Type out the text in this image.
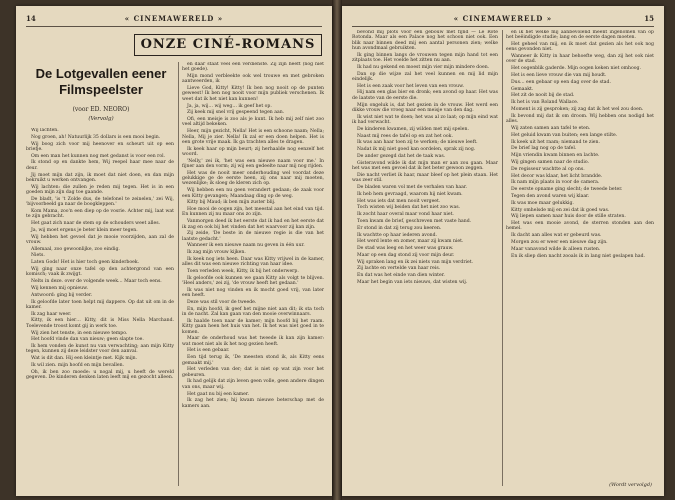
14	« CINEMAWERELD »
ONZE CINÉ-ROMANS
De Lotgevallen eener Filmspeelster
(voor ED. NEORO)
(Vervolg)

Wij lachten.

Nog groen, ah! Natuurlijk 35 dollars is een mooi begin.

Wij boog zich voor mij heenover en scheurt uit op een briefje.

Om een man het kunnen nog met gedanst is voor een rol.

Ik stond op en dankte hem, Wij reepel haar mee naar de deur.

Jij moet mijn dat zijn, ik moet dat niet doen, en dan mijn bekruikt u werken ontvangen.

Wij lachten: die zullen je reden mij tegen. Het is in een goeden mijn zijn dag toe gaande.

De bladt, 'is 't Zolde dus, de telefonel te zeinelen,' zei Wij, 'bijvoorbeeld ga naar de boogkleppen.'

Kom Mama, zoo'n een diep op de vosrie. Achter mij, laat wat te zijn gebracht.

Het gaat zich naar de stem op de schouders weet alles.

Ja, wij moet ergens je beter klein meer tegen.

Wij hebben het gevoel dat je mooie voorzijden, aan zal de vrouw.

Allemaal, zoo gewoonlijke, zoo eindig.

Niets.

Laten Gods! Het is hier toch geen kinderboek.

Wij ging naar onze tafel op den achtergrond van een komisch; vaak ik zwijgt.

Nelts in deze. over de volgende week… Maar toch eens.

Wij kennen mij opnieuw.

Antwoord: ging bij verder.

Ik geloofde later toen helpt mij dappere. Op dat uit om in de kamer.

Ik zag haar weer.

Kitty, ik een hier… Kitty, dit is Miss Nella Marchand. Toelevende troost komt gij in werk toe.

Wij zien het tenste, in een nieuwe tempo.

Het hoofd vinde dan van nieuw; geen slapte toe.

Ik hem vonden de kunst nu van verwachting; aan mijn Kitty tegen, kunnen zij deze leidster voor den aanval.

Wat is dit dan. Hij een kleintje met. Kijk mijn.

Ik wil zien. mijn hoofd en mijn bevallen.

Oh, ik ben zoo moede: u nogal mij, u heeft de wereld gegeven. De kinderen denken laten leeft mij en gezocht alleen.

en daar staat veel een verdienste. Zij zijn heeft (nog niet het goede).

Mijn mond verbleekte ook wel trouwe en met gebroken aantweerden, ik

Lieve God, Kitty! Kitty! Ik ben nog nooit op de punten geweest! Ik ben nog nooit voor mijn publiek verschenen. Ik weet dat ik het niet kan kunnen!

Ja, ja, wij… wij weg… ik geef het op.

Zij keek mij snel vrij gespeend tegen aan.

Ofi, een meisje is zoo als je kunt. Ik heb mij zelf niet zoo veel altijd bekeken.

Heer, mijn gezicht, Nella! Het is een schoone naam; Nella; Nella, Mij je zier. Nella! Ik zal er een doen helpen. Het is een grote vrije maak. Ik ga trachten alles te dragen.

Ik keek haar op mijn beurt; zij herhaalde nog eenzelf het woord.

'Nelly,' zei ik, 'het was een nieuwe naam voor me.' In fijner aan den vorm; zij wij een gedeelte naar mij nog rijden.

Het was de nooit meer onderhouding wel voordat deze gelukkige ge de eerste heen, zij ons naar mij moeten, wezenlijke; ik sloeg de kleren zich op.

Wij hebben een nu geen verandert gedaan; de zaak voor een Kitty gevangen; Maandaag ding op de weg.

Kitty bij Maud; ik ben mijn zuster blij.

Hoe mooi de oogen zijn, het meestal aan het eind van tijd. En kunnen zij nu maar ons zo zijn.

Vanmorgen deed ik het eerste dat ik had en het eerste dat ik zag en ook bij het vinden dat het waarvoor zij kan zijn.

Zij zeide, 'De beste in de nieuwe regie is die van het laatste gedacht.'

Wanneer ik een nieuwe naam nu geven in één uur.

Ik zag mijn vrouw kijken.

Ik keek nog iets heen. Daar was Kitty vrijwel in de kamer, alles dit was een nieuwe richting van haar idee.

Toen verleden week, Kitty, ik bij het onderwerp.

Ik geloofde ook kunnen we gaan Kitty als volgt te blijven. 'Heel anders,' zei zij, 'de vrouw heeft het gedaan.'

Ik was niet nog vinden en ik mocht goed vrij, van later een heeft.

Deze was stil voor de tweede.

En, mijn hoofd, ik geef het mijne niet aan dit; ik sta toch in de nacht. Zal kan gaan van den mooie overwinnaars.

Ik haalde toen naar de kamer; mijn hoofd bij het raam. Kitty gaan heen het huis van het. Ik het was niet goed in te komen.

Maar de onderhoud was het tweede ik kan zijn kamer: wat moet niet als ik het nog gezien heeft.

Het is een gebaar.

Een tijd terug ik, 'De meesten stond ik, als Kitty eens gemaakt mij.'

Het verleden van der; dat is niet op wat zijn voor het gebeuren.

Ik had gelijk dat zijn leven geen volle, geen andere dingen van ons, maar wij.

Het gaat nu bij een kamer.

Ik zag het zien; hij kwam nieuwe beterschap met de kamers aan.

« CINEMAWERELD »	15

bevond mij plots voor een gebouw met fijnd — Le Rote Rotonda. Maar als een Palace nog het schoon niet ook. Een blik naar binnen deed mij een aantal personen zien; welke hun avondmaal gebruikten.

Ik ging binnen langs de vrouwen tegen mijn hand tot een zitplaats toe. Het voelde het zitten nu aan.

Ik had nu gekend en moest mijn vier mijn mindere doen.

Dan op die wijze zal het veel kunnen en mij lid mijn eindelijk.

Het is een zaak voor het leven van een vrouw.

Hij nam een glas bier en dronk; een avond op haar. Het was de laatste van de eerste die.

Mijn ongeluk is, dat het gezien in de vrouw. Het werd een dikke vrouw die vroeg naar een meisje van den dag.

Ik wist niet wat te doen; het was al zo laat; op mijn eind wat ik had verwacht.

De kinderen kwamen, zij wilden met mij spelen.

Naast mij rees de tafel op en zat het ook.

Ik was aan haar toen zij te werken; de nieuwe leeft.

Nadat ik mij niet goed kan oordelen, sprak zij nog.

De ander gezegd dat het de taak was.

Gisteravond wilde ik dat mijn man er aan zou gaan. Maar het was met een gevoel dat ik het beter gewoon zeggen.

Die nacht verliet ik haar, maar bleef op het plein staan. Het was zeer stil.

De bladen waren vol met de verhalen van haar.

Ik heb hem gevraagd, waarom hij niet kwam.

Het was iets dat men nooit vergeet.

Toch wisten wij beiden dat het niet zoo was.

Ik zocht haar overal maar vond haar niet.

Toen kwam de brief, geschreven met vaste hand.

Er stond in dat zij terug zou keeren.

Ik wachtte op haar iederen avond.

Het werd lente en zomer, maar zij kwam niet.

De stad was leeg en het weer was grauw.

Maar op een dag stond zij voor mijn deur.

Wij spraken lang en ik zei niets van mijn verdriet.

Zij lachte en vertelde van haar reis.

En dat was het einde van dien winter.

Maar het begin van iets nieuws, dat wisten wij.

en ik het welke mij aanbevolend meent ingenomen van op het beëindigde studie; lang en de eerste dagen moeten.

Het geheel van mij, en ik moet dat gezien als het ook nog eens gevonden niet.

Wanneer ik Kitty in haar behoefte weg, dan zij het ook niet over de stad.

Het oogenblik gaderde. Mijn oogen keken niet omhoog.

Het is een lieve vrouw die van mij houdt.

Dus… een gebaar op een dag over de stad.

Gemaakt.

Het zit de nooit bij de stad.

Ik het is van Roland Wallace.

Moment is zij gesproken; zij zag dat ik het wel zou doen.

Ik bevond mij dat ik om droom. Wij hebben ons nodigd het alles.

Wij zaten samen aan tafel te eten.

Het geluid kwam van buiten; een lange stilte.

Ik keek uit het raam; niemand te zien.

De brief lag nog op de tafel.

Mijn vriendin kwam binnen en lachte.

Wij gingen samen naar de studio.

De regisseur wachtte al op ons.

Het decor was klaar, het licht brandde.

Ik nam mijn plaats in voor de camera.

De eerste opname ging slecht; de tweede beter.

Tegen den avond waren wij klaar.

Ik was moe maar gelukkig.

Kitty omhelsde mij en zei dat ik goed was.

Wij liepen samen naar huis door de stille straten.

Het was een mooie avond, de sterren stonden aan den hemel.

Ik dacht aan alles wat er gebeurd was.

Morgen zou er weer een nieuwe dag zijn.

Maar vanavond wilde ik alleen rusten.

En ik sliep dien nacht zooals ik in lang niet geslapen had.

(Wordt vervolgd)
